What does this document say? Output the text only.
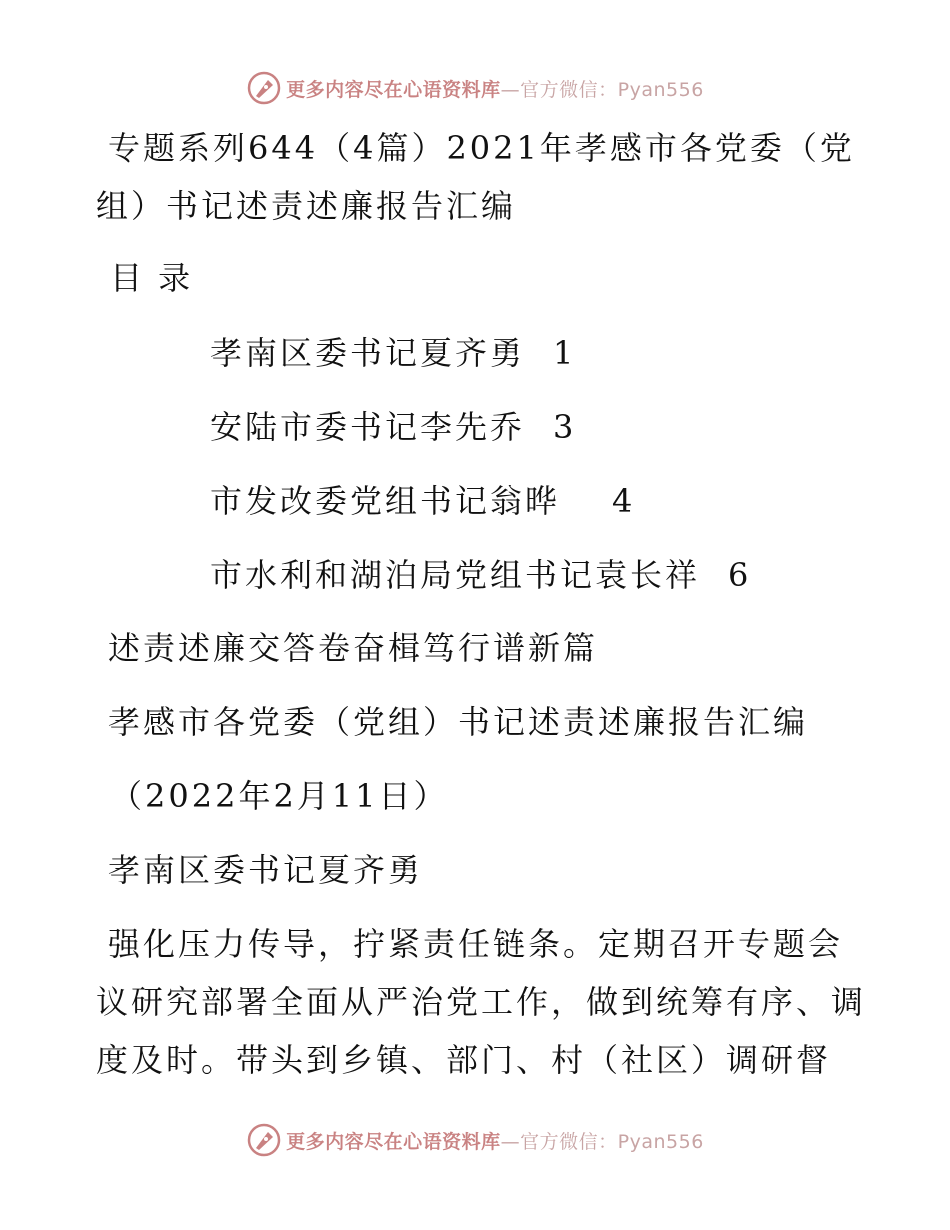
更多内容尽在心语资料库—官方微信：Pyan556
专题系列644（4篇）2021年孝感市各党委（党
组）书记述责述廉报告汇编
目 录
孝南区委书记夏齐勇 1
安陆市委书记李先乔 3
市发改委党组书记翁晔 4
市水利和湖泊局党组书记袁长祥 6
述责述廉交答卷奋楫笃行谱新篇
孝感市各党委（党组）书记述责述廉报告汇编
（2022年2月11日）
孝南区委书记夏齐勇
强化压力传导，拧紧责任链条。定期召开专题会
议研究部署全面从严治党工作，做到统筹有序、调
度及时。带头到乡镇、部门、村（社区）调研督
更多内容尽在心语资料库—官方微信：Pyan556
